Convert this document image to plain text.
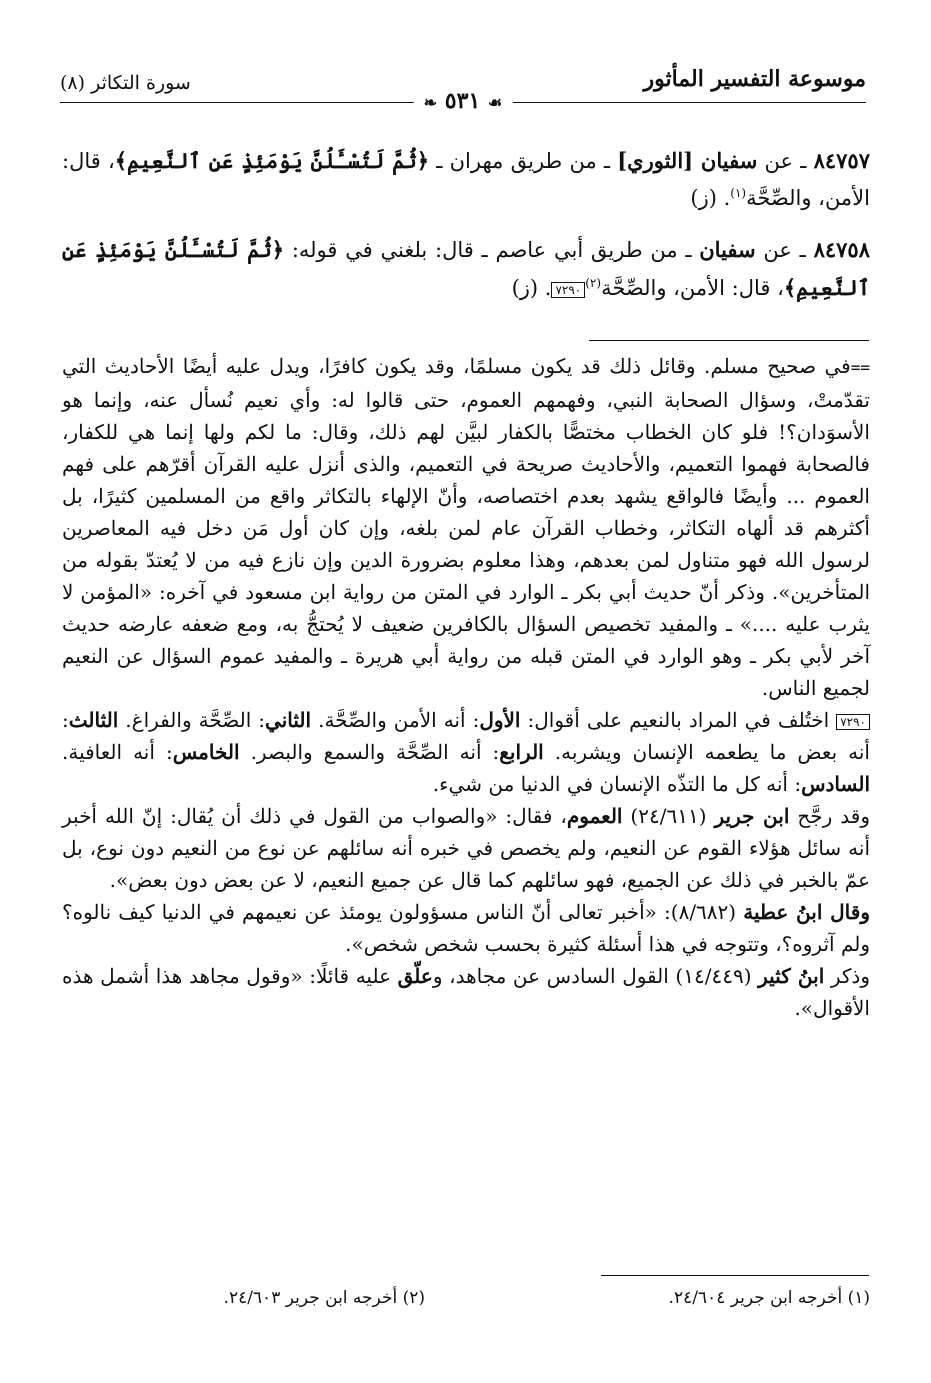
موسوعة التفسير المأثور
سورة التكاثر (٨)
❧ ٥٣١ ☙

٨٤٧٥٧ ـ عن سفيان [الثوري] ـ من طريق مهران ـ ﴿ثُمَّ لَتُسْـَٔلُنَّ يَوْمَئِذٍ عَنِ ٱلنَّعِيمِ﴾، قال: الأمن، والصِّحَّة$^{(١)}$. (ز)

٨٤٧٥٨ ـ عن سفيان ـ من طريق أبي عاصم ـ قال: بلغني في قوله: ﴿ثُمَّ لَتُسْـَٔلُنَّ يَوْمَئِذٍ عَنِ ٱلنَّعِيمِ﴾، قال: الأمن، والصِّحَّة$^{(٢)}$٧٢٩٠. (ز)

==في صحيح مسلم. وقائل ذلك قد يكون مسلمًا، وقد يكون كافرًا، ويدل عليه أيضًا الأحاديث التي تقدّمتْ، وسؤال الصحابة النبي، وفهمهم العموم، حتى قالوا له: وأي نعيم نُسأل عنه، وإنما هو الأسوَدان؟! فلو كان الخطاب مختصًّا بالكفار لبيَّن لهم ذلك، وقال: ما لكم ولها إنما هي للكفار، فالصحابة فهموا التعميم، والأحاديث صريحة في التعميم، والذى أنزل عليه القرآن أقرّهم على فهم العموم ... وأيضًا فالواقع يشهد بعدم اختصاصه، وأنّ الإلهاء بالتكاثر واقع من المسلمين كثيرًا، بل أكثرهم قد ألهاه التكاثر، وخطاب القرآن عام لمن بلغه، وإن كان أول مَن دخل فيه المعاصرين لرسول الله فهو متناول لمن بعدهم، وهذا معلوم بضرورة الدين وإن نازع فيه من لا يُعتدّ بقوله من المتأخرين». وذكر أنّ حديث أبي بكر ـ الوارد في المتن من رواية ابن مسعود في آخره: «المؤمن لا يثرب عليه ....» ـ والمفيد تخصيص السؤال بالكافرين ضعيف لا يُحتجُّ به، ومع ضعفه عارضه حديث آخر لأبي بكر ـ وهو الوارد في المتن قبله من رواية أبي هريرة ـ والمفيد عموم السؤال عن النعيم لجميع الناس.

٧٢٩٠ اختُلف في المراد بالنعيم على أقوال: الأول: أنه الأمن والصِّحَّة. الثاني: الصِّحَّة والفراغ. الثالث: أنه بعض ما يطعمه الإنسان ويشربه. الرابع: أنه الصِّحَّة والسمع والبصر. الخامس: أنه العافية. السادس: أنه كل ما التذّه الإنسان في الدنيا من شيء.

وقد رجَّح ابن جرير (٢٤/٦١١) العموم، فقال: «والصواب من القول في ذلك أن يُقال: إنّ الله أخبر أنه سائل هؤلاء القوم عن النعيم، ولم يخصص في خبره أنه سائلهم عن نوع من النعيم دون نوع، بل عمّ بالخبر في ذلك عن الجميع، فهو سائلهم كما قال عن جميع النعيم، لا عن بعض دون بعض».

وقال ابنُ عطية (٨/٦٨٢): «أخبر تعالى أنّ الناس مسؤولون يومئذ عن نعيمهم في الدنيا كيف نالوه؟ ولم آثروه؟، وتتوجه في هذا أسئلة كثيرة بحسب شخص شخص».

وذكر ابنُ كثير (١٤/٤٤٩) القول السادس عن مجاهد، وعلّق عليه قائلًا: «وقول مجاهد هذا أشمل هذه الأقوال».

(١) أخرجه ابن جرير ٢٤/٦٠٤.
(٢) أخرجه ابن جرير ٢٤/٦٠٣.
